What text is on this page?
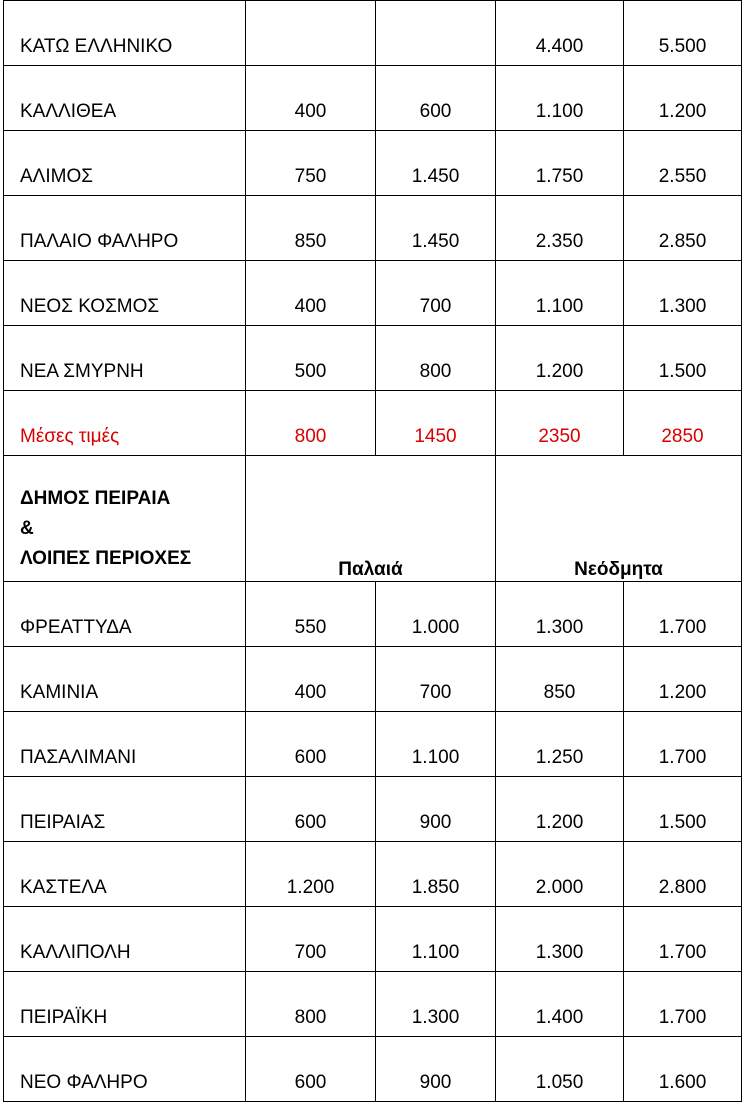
ΚΑΤΩ ΕΛΛΗΝΙΚΟ			4.400	5.500
ΚΑΛΛΙΘΕΑ	400	600	1.100	1.200
ΑΛΙΜΟΣ	750	1.450	1.750	2.550
ΠΑΛΑΙΟ ΦΑΛΗΡΟ	850	1.450	2.350	2.850
ΝΕΟΣ ΚΟΣΜΟΣ	400	700	1.100	1.300
ΝΕΑ ΣΜΥΡΝΗ	500	800	1.200	1.500
Μέσες τιμές	800	1450	2350	2850

ΔΗΜΟΣ ΠΕΙΡΑΙΑ
&
ΛΟΙΠΕΣ ΠΕΡΙΟΧΕΣ	Παλαιά		Νεόδμητα	
ΦΡΕΑΤΤΥΔΑ	550	1.000	1.300	1.700
ΚΑΜΙΝΙΑ	400	700	850	1.200
ΠΑΣΑΛΙΜΑΝΙ	600	1.100	1.250	1.700
ΠΕΙΡΑΙΑΣ	600	900	1.200	1.500
ΚΑΣΤΕΛΑ	1.200	1.850	2.000	2.800
ΚΑΛΛΙΠΟΛΗ	700	1.100	1.300	1.700
ΠΕΙΡΑΪΚΗ	800	1.300	1.400	1.700
ΝΕΟ ΦΑΛΗΡΟ	600	900	1.050	1.600
